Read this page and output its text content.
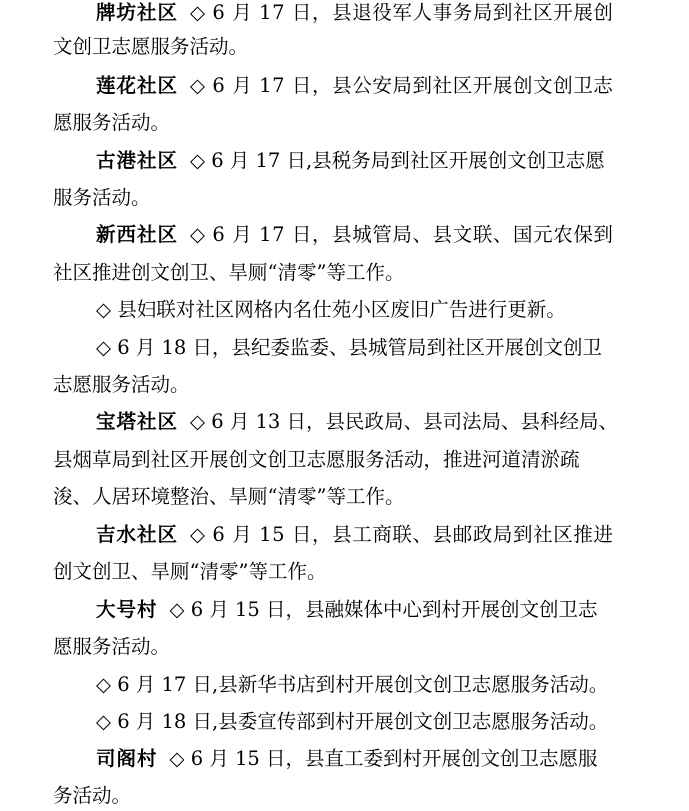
牌坊社区 ◇ 6 月 17 日，县退役军人事务局到社区开展创
文创卫志愿服务活动。
莲花社区 ◇ 6 月 17 日，县公安局到社区开展创文创卫志
愿服务活动。
古港社区 ◇ 6 月 17 日,县税务局到社区开展创文创卫志愿
服务活动。
新西社区 ◇ 6 月 17 日，县城管局、县文联、国元农保到
社区推进创文创卫、旱厕“清零”等工作。
◇ 县妇联对社区网格内名仕苑小区废旧广告进行更新。
◇ 6 月 18 日，县纪委监委、县城管局到社区开展创文创卫
志愿服务活动。
宝塔社区 ◇ 6 月 13 日，县民政局、县司法局、县科经局、
县烟草局到社区开展创文创卫志愿服务活动，推进河道清淤疏
浚、人居环境整治、旱厕“清零”等工作。
吉水社区 ◇ 6 月 15 日，县工商联、县邮政局到社区推进
创文创卫、旱厕“清零”等工作。
大号村 ◇ 6 月 15 日，县融媒体中心到村开展创文创卫志
愿服务活动。
◇ 6 月 17 日,县新华书店到村开展创文创卫志愿服务活动。
◇ 6 月 18 日,县委宣传部到村开展创文创卫志愿服务活动。
司阁村 ◇ 6 月 15 日，县直工委到村开展创文创卫志愿服
务活动。
